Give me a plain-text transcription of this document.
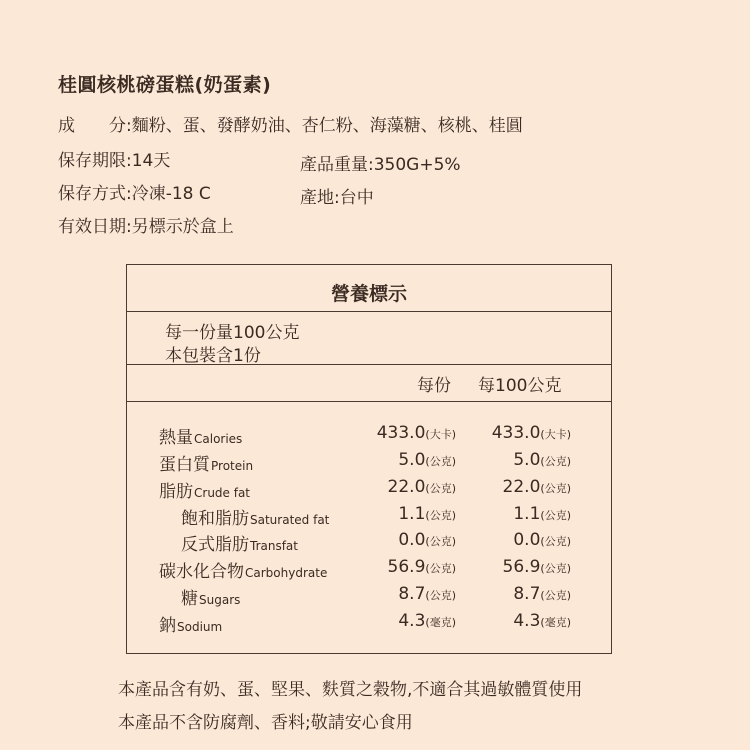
桂圓核桃磅蛋糕(奶蛋素)
成　　分:麵粉、蛋、發酵奶油、杏仁粉、海藻糖、核桃、桂圓
保存期限:14天	產品重量:350G+5%
保存方式:冷凍-18 C	產地:台中
有效日期:另標示於盒上
營養標示
每一份量100公克
本包裝含1份
每份 每100公克
熱量Calories	433.0(大卡) 433.0(大卡)
蛋白質Protein	5.0(公克)	5.0(公克)
脂肪Crude fat	22.0(公克)	22.0(公克)
飽和脂肪Saturated fat	1.1(公克)	1.1(公克)
反式脂肪Transfat	0.0(公克)	0.0(公克)
碳水化合物Carbohydrate	56.9(公克)	56.9(公克)
糖Sugars	8.7(公克)	8.7(公克)
鈉Sodium	4.3(毫克)	4.3(毫克)
本產品含有奶、蛋、堅果、麩質之穀物,不適合其過敏體質使用
本產品不含防腐劑、香料;敬請安心食用
